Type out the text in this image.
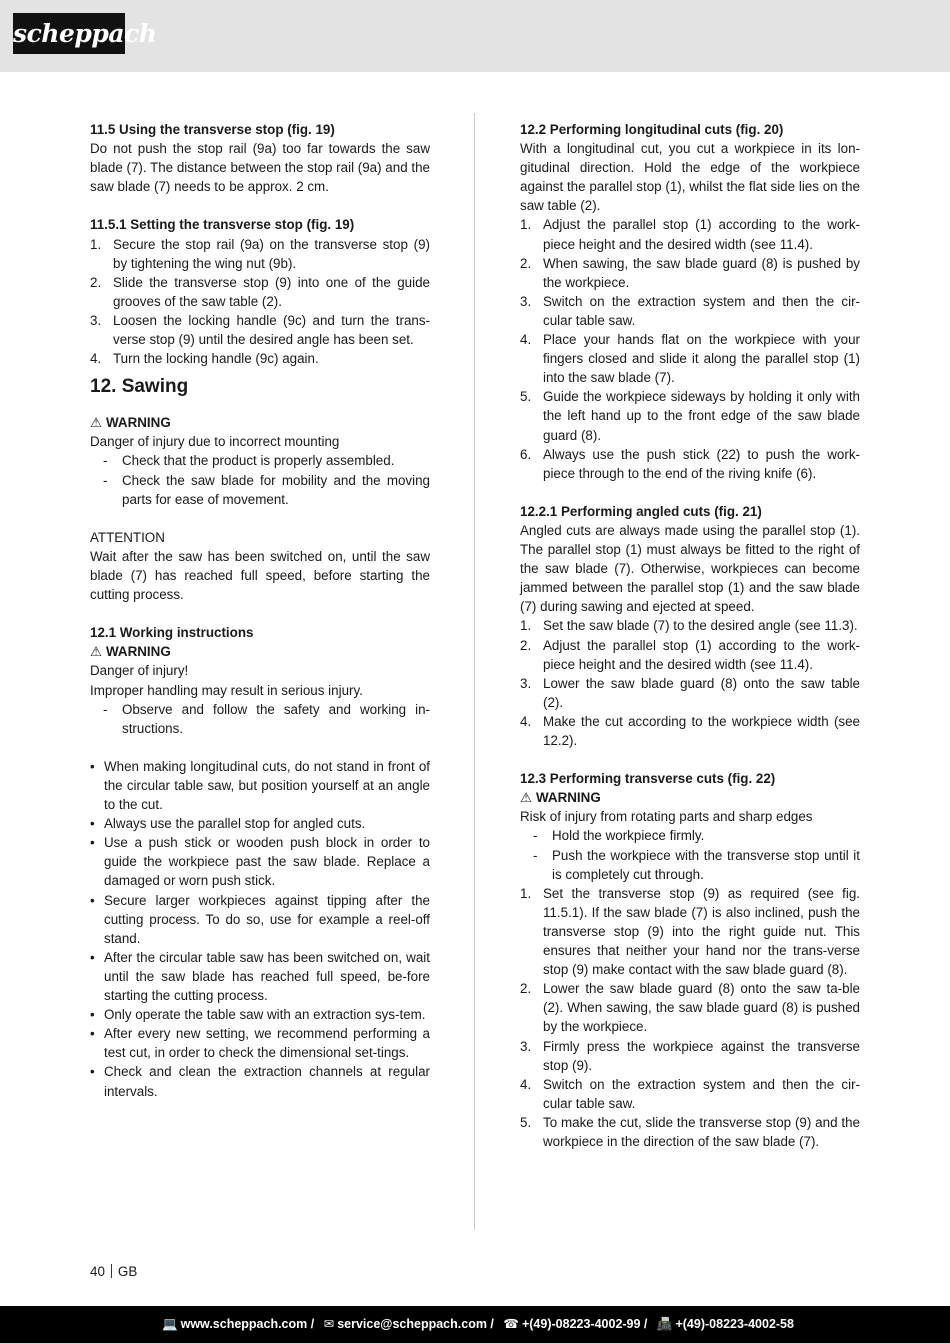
scheppach
11.5 Using the transverse stop (fig. 19)

Do not push the stop rail (9a) too far towards the saw blade (7). The distance between the stop rail (9a) and the saw blade (7) needs to be approx. 2 cm.

11.5.1 Setting the transverse stop (fig. 19)
1. Secure the stop rail (9a) on the transverse stop (9) by tightening the wing nut (9b).
2. Slide the transverse stop (9) into one of the guide grooves of the saw table (2).
3. Loosen the locking handle (9c) and turn the trans-verse stop (9) until the desired angle has been set.
4. Turn the locking handle (9c) again.
12. Sawing
⚠ WARNING

Danger of injury due to incorrect mounting

- Check that the product is properly assembled.
- Check the saw blade for mobility and the moving parts for ease of movement.
ATTENTION

Wait after the saw has been switched on, until the saw blade (7) has reached full speed, before starting the cutting process.

12.1 Working instructions
⚠ WARNING

Danger of injury!

Improper handling may result in serious injury.

- Observe and follow the safety and working in-structions.
• When making longitudinal cuts, do not stand in front of the circular table saw, but position yourself at an angle to the cut.
• Always use the parallel stop for angled cuts.
• Use a push stick or wooden push block in order to guide the workpiece past the saw blade. Replace a damaged or worn push stick.
• Secure larger workpieces against tipping after the cutting process. To do so, use for example a reel-off stand.
• After the circular table saw has been switched on, wait until the saw blade has reached full speed, be-fore starting the cutting process.
• Only operate the table saw with an extraction sys-tem.
• After every new setting, we recommend performing a test cut, in order to check the dimensional set-tings.
• Check and clean the extraction channels at regular intervals.
12.2 Performing longitudinal cuts (fig. 20)

With a longitudinal cut, you cut a workpiece in its lon-gitudinal direction. Hold the edge of the workpiece against the parallel stop (1), whilst the flat side lies on the saw table (2).

1. Adjust the parallel stop (1) according to the work-piece height and the desired width (see 11.4).
2. When sawing, the saw blade guard (8) is pushed by the workpiece.
3. Switch on the extraction system and then the cir-cular table saw.
4. Place your hands flat on the workpiece with your fingers closed and slide it along the parallel stop (1) into the saw blade (7).
5. Guide the workpiece sideways by holding it only with the left hand up to the front edge of the saw blade guard (8).
6. Always use the push stick (22) to push the work-piece through to the end of the riving knife (6).
12.2.1 Performing angled cuts (fig. 21)

Angled cuts are always made using the parallel stop (1). The parallel stop (1) must always be fitted to the right of the saw blade (7). Otherwise, workpieces can become jammed between the parallel stop (1) and the saw blade (7) during sawing and ejected at speed.

1. Set the saw blade (7) to the desired angle (see 11.3).
2. Adjust the parallel stop (1) according to the work-piece height and the desired width (see 11.4).
3. Lower the saw blade guard (8) onto the saw table (2).
4. Make the cut according to the workpiece width (see 12.2).
12.3 Performing transverse cuts (fig. 22)
⚠ WARNING

Risk of injury from rotating parts and sharp edges

- Hold the workpiece firmly.
- Push the workpiece with the transverse stop until it is completely cut through.
1. Set the transverse stop (9) as required (see fig. 11.5.1). If the saw blade (7) is also inclined, push the transverse stop (9) into the right guide nut. This ensures that neither your hand nor the trans-verse stop (9) make contact with the saw blade guard (8).
2. Lower the saw blade guard (8) onto the saw ta-ble (2). When sawing, the saw blade guard (8) is pushed by the workpiece.
3. Firmly press the workpiece against the transverse stop (9).
4. Switch on the extraction system and then the cir-cular table saw.
5. To make the cut, slide the transverse stop (9) and the workpiece in the direction of the saw blade (7).
40 GB
💻 www.scheppach.com / ✉ service@scheppach.com / ☎ +(49)-08223-4002-99 / 📠 +(49)-08223-4002-58
